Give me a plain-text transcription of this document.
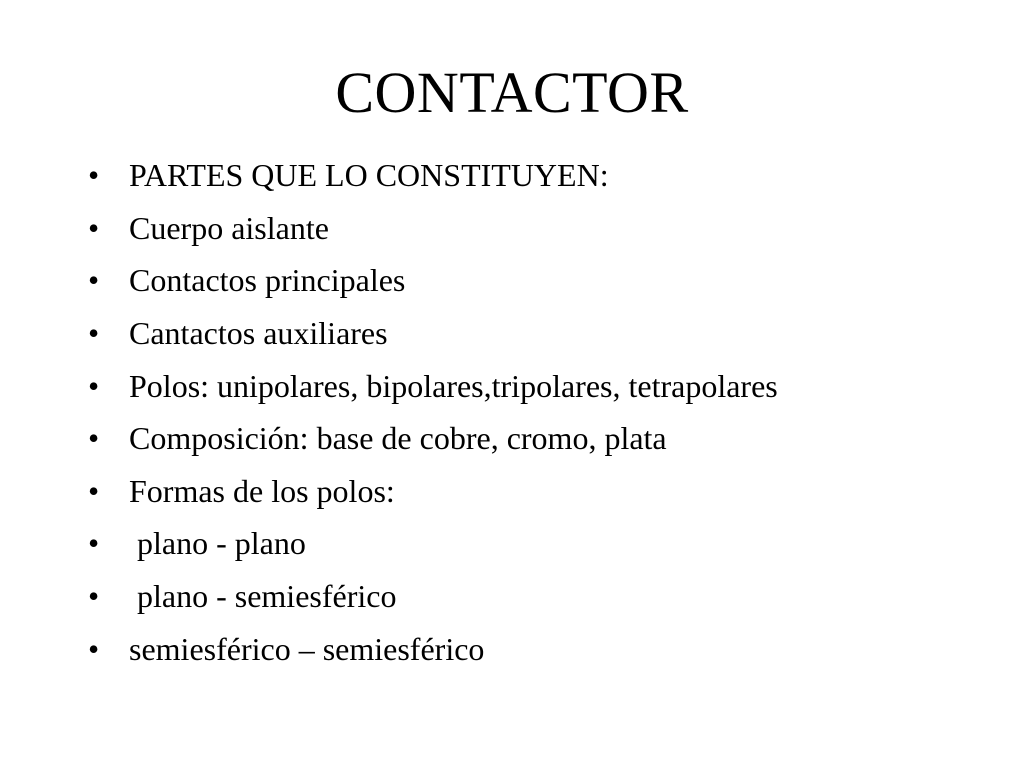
CONTACTOR
• PARTES QUE LO CONSTITUYEN:
• Cuerpo aislante
• Contactos principales
• Cantactos auxiliares
• Polos: unipolares, bipolares,tripolares, tetrapolares
• Composición: base de cobre, cromo, plata
• Formas de los polos:
• plano - plano
• plano - semiesférico
• semiesférico – semiesférico
